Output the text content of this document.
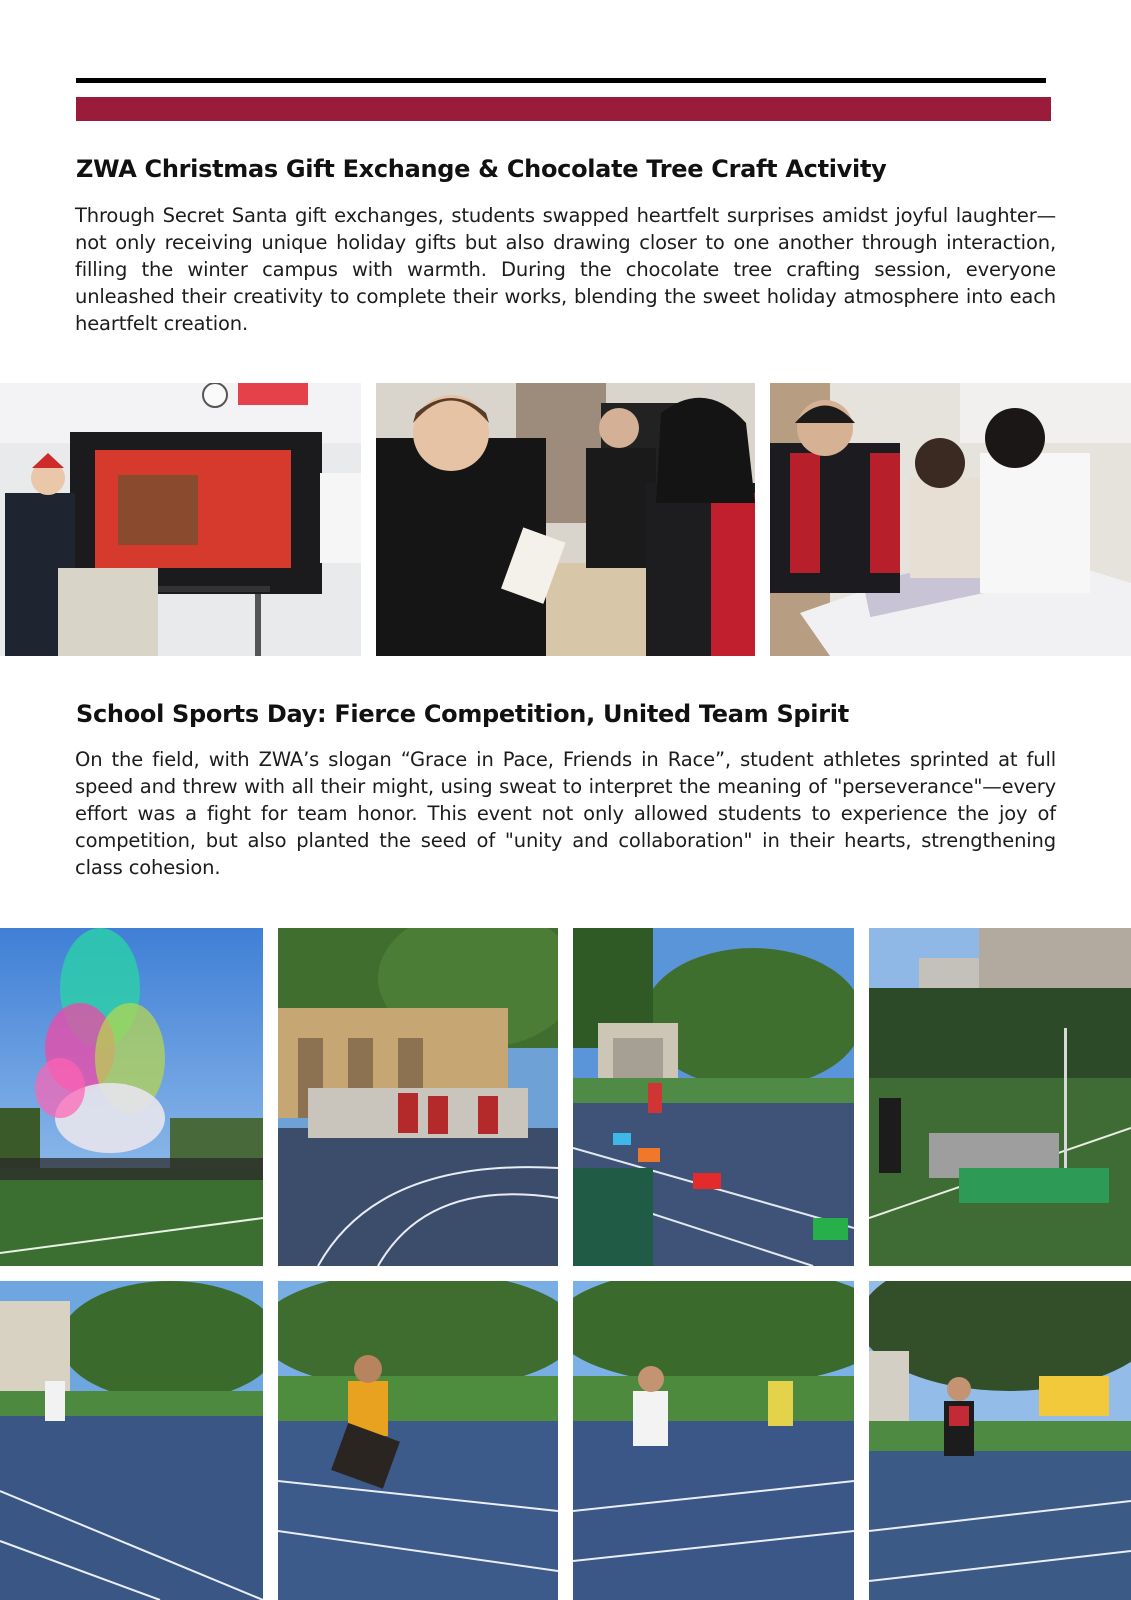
ZWA Christmas Gift Exchange & Chocolate Tree Craft Activity

Through Secret Santa gift exchanges, students swapped heartfelt surprises amidst joyful laughter—not only receiving unique holiday gifts but also drawing closer to one another through interaction, filling the winter campus with warmth. During the chocolate tree crafting session, everyone unleashed their creativity to complete their works, blending the sweet holiday atmosphere into each heartfelt creation.

School Sports Day: Fierce Competition, United Team Spirit

On the field, with ZWA’s slogan “Grace in Pace, Friends in Race”, student athletes sprinted at full speed and threw with all their might, using sweat to interpret the meaning of "perseverance"—every effort was a fight for team honor. This event not only allowed students to experience the joy of competition, but also planted the seed of "unity and collaboration" in their hearts, strengthening class cohesion.
